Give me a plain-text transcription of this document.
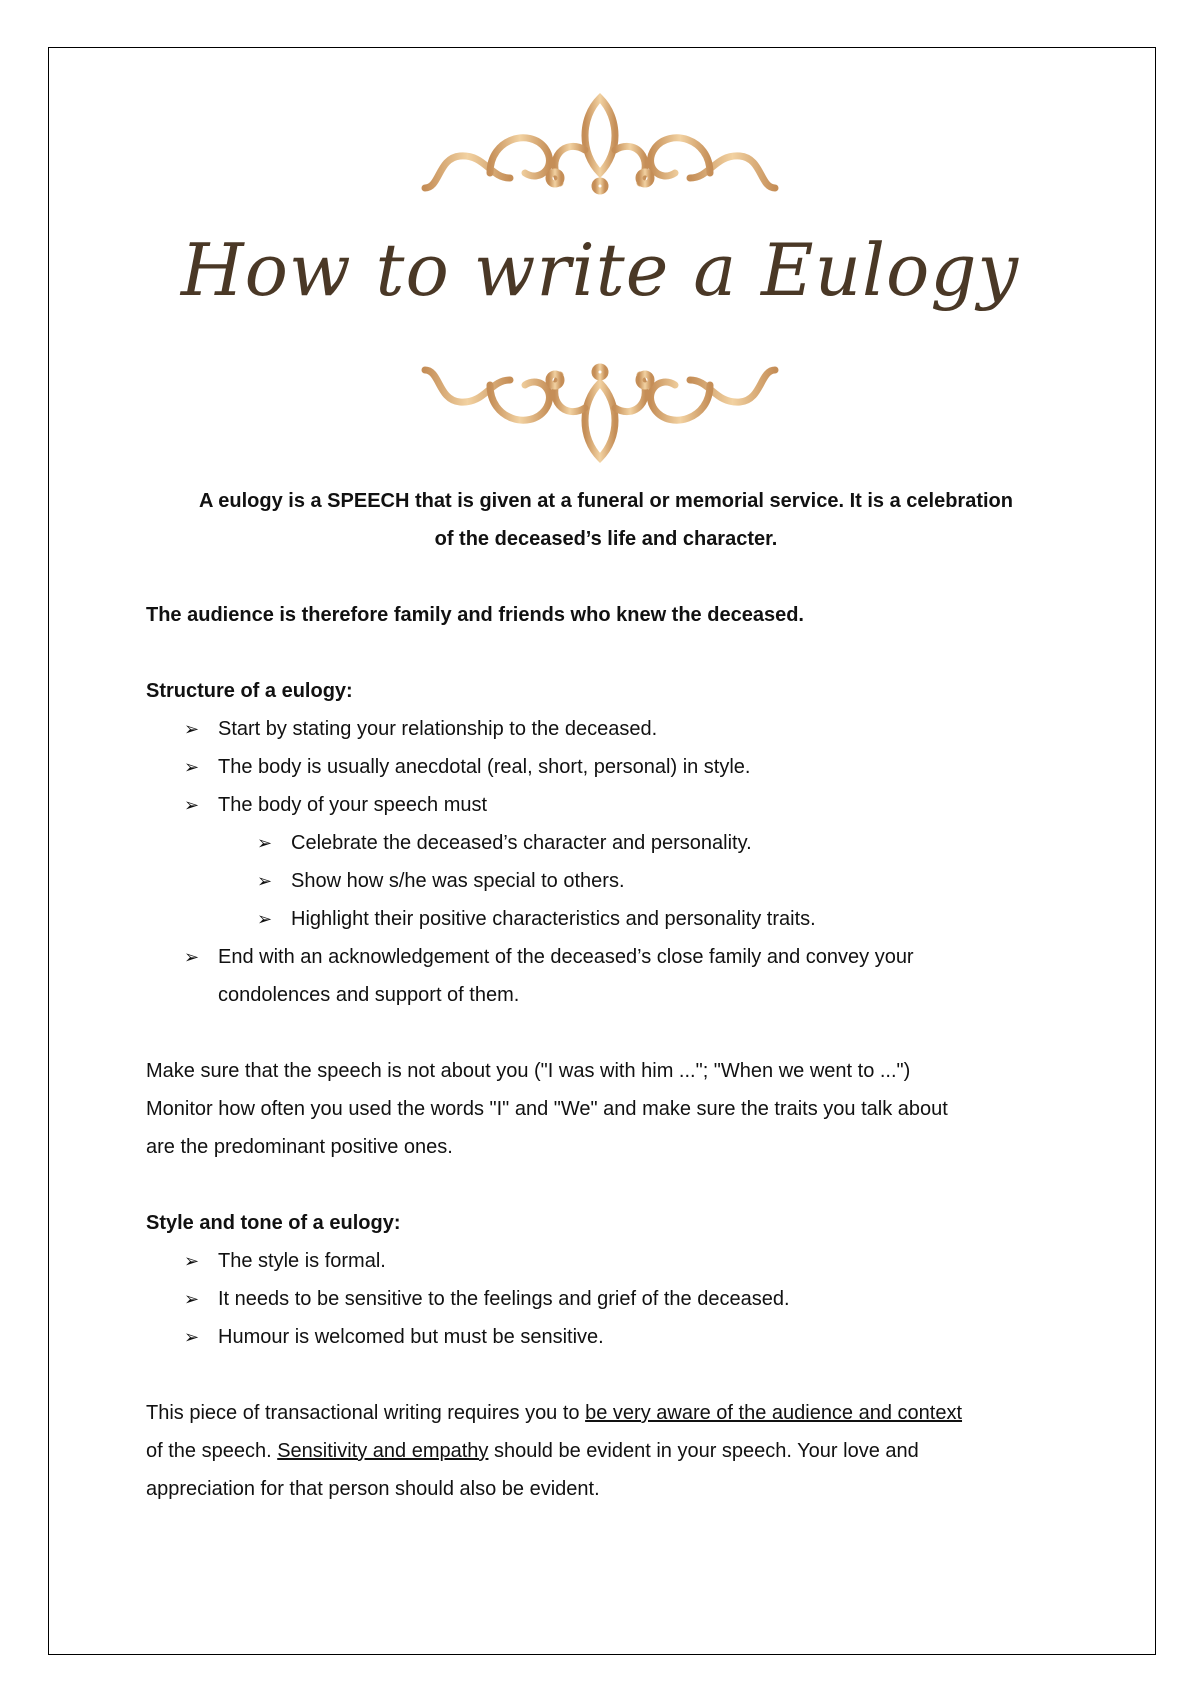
How to write a Eulogy

A eulogy is a SPEECH that is given at a funeral or memorial service. It is a celebration

of the deceased’s life and character.

The audience is therefore family and friends who knew the deceased.

Structure of a eulogy:

➢ Start by stating your relationship to the deceased.
➢ The body is usually anecdotal (real, short, personal) in style.
➢ The body of your speech must
➢ Celebrate the deceased’s character and personality.
➢ Show how s/he was special to others.
➢ Highlight their positive characteristics and personality traits.
➢ End with an acknowledgement of the deceased’s close family and convey your
condolences and support of them.

Make sure that the speech is not about you ("I was with him ..."; "When we went to ...")

Monitor how often you used the words "I" and "We" and make sure the traits you talk about

are the predominant positive ones.

Style and tone of a eulogy:

➢ The style is formal.
➢ It needs to be sensitive to the feelings and grief of the deceased.
➢ Humour is welcomed but must be sensitive.

This piece of transactional writing requires you to be very aware of the audience and context

of the speech. Sensitivity and empathy should be evident in your speech. Your love and

appreciation for that person should also be evident.
